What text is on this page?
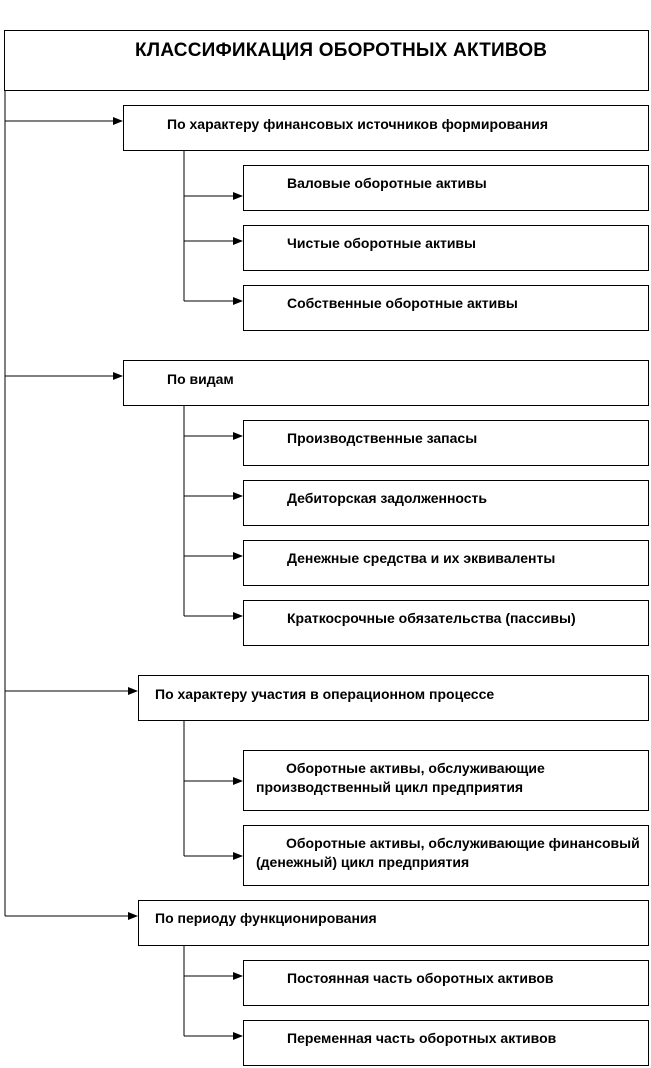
КЛАССИФИКАЦИЯ ОБОРОТНЫХ АКТИВОВ
По характеру финансовых источников формирования
Валовые оборотные активы
Чистые оборотные активы
Собственные оборотные активы
По видам
Производственные запасы
Дебиторская задолженность
Денежные средства и их эквиваленты
Краткосрочные обязательства (пассивы)
По характеру участия в операционном процессе
Оборотные активы, обслуживающие производственный цикл предприятия
Оборотные активы, обслуживающие финансовый (денежный) цикл предприятия
По периоду функционирования
Постоянная часть оборотных активов
Переменная часть оборотных активов
